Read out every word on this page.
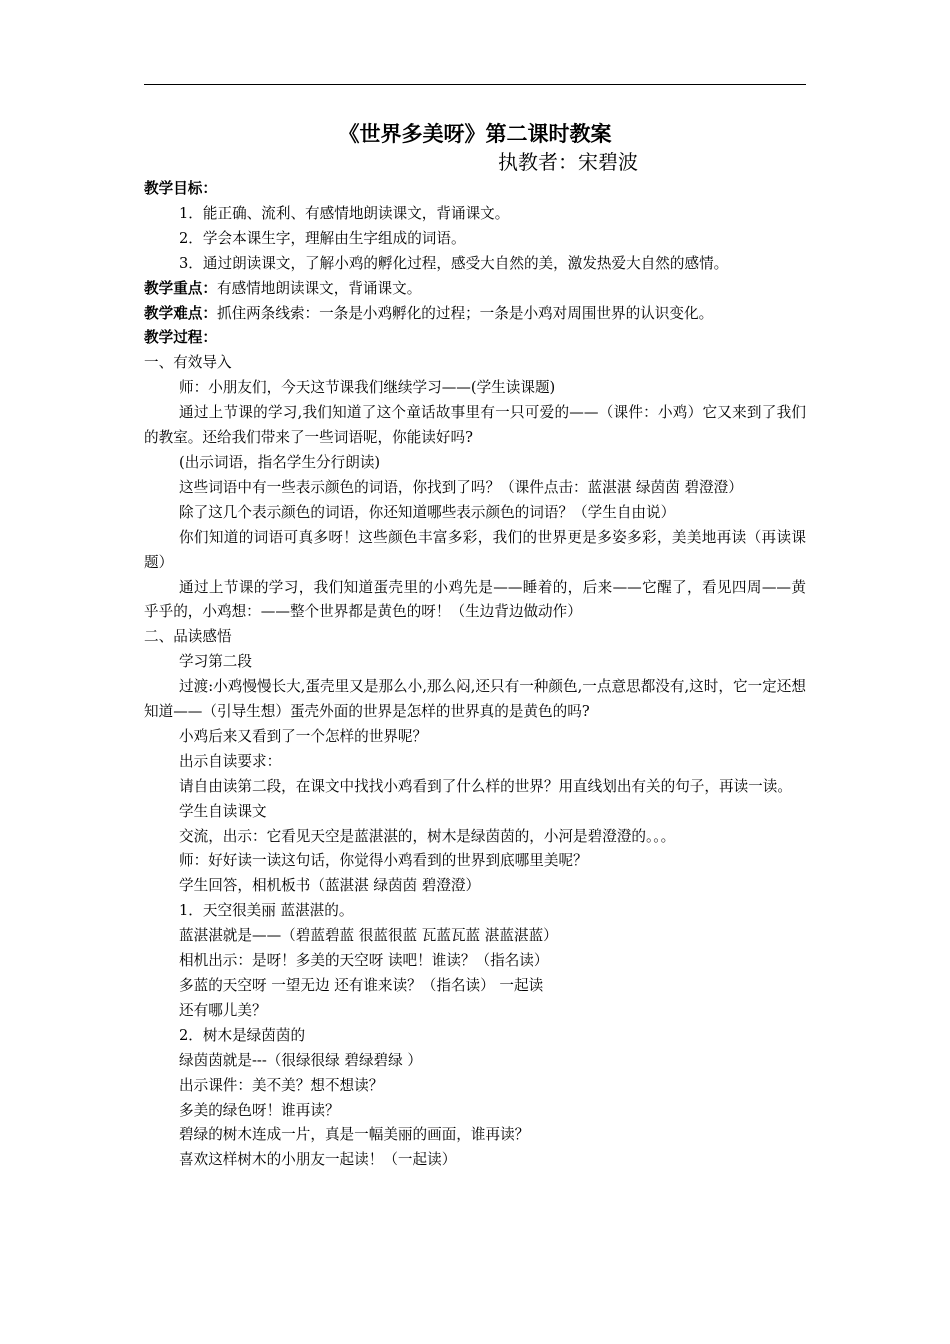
《世界多美呀》第二课时教案
执教者：宋碧波

教学目标：

1．能正确、流利、有感情地朗读课文，背诵课文。

2．学会本课生字，理解由生字组成的词语。

3．通过朗读课文，了解小鸡的孵化过程，感受大自然的美，激发热爱大自然的感情。

教学重点：有感情地朗读课文，背诵课文。

教学难点：抓住两条线索：一条是小鸡孵化的过程；一条是小鸡对周围世界的认识变化。

教学过程：

一、有效导入

师：小朋友们，今天这节课我们继续学习——(学生读课题)

通过上节课的学习,我们知道了这个童话故事里有一只可爱的——（课件：小鸡）它又来到了我们的教室。还给我们带来了一些词语呢，你能读好吗?

(出示词语，指名学生分行朗读)

这些词语中有一些表示颜色的词语，你找到了吗？（课件点击：蓝湛湛 绿茵茵 碧澄澄）

除了这几个表示颜色的词语，你还知道哪些表示颜色的词语？（学生自由说）

你们知道的词语可真多呀！这些颜色丰富多彩，我们的世界更是多姿多彩，美美地再读（再读课题）

通过上节课的学习，我们知道蛋壳里的小鸡先是——睡着的，后来——它醒了，看见四周——黄乎乎的，小鸡想：——整个世界都是黄色的呀！（生边背边做动作）

二、品读感悟

学习第二段

过渡:小鸡慢慢长大,蛋壳里又是那么小,那么闷,还只有一种颜色,一点意思都没有,这时，它一定还想知道——（引导生想）蛋壳外面的世界是怎样的世界真的是黄色的吗?

小鸡后来又看到了一个怎样的世界呢？

出示自读要求：

请自由读第二段，在课文中找找小鸡看到了什么样的世界？用直线划出有关的句子，再读一读。

学生自读课文

交流，出示：它看见天空是蓝湛湛的，树木是绿茵茵的，小河是碧澄澄的。。。

师：好好读一读这句话，你觉得小鸡看到的世界到底哪里美呢？

学生回答，相机板书（蓝湛湛 绿茵茵 碧澄澄）

1．天空很美丽 蓝湛湛的。

蓝湛湛就是——（碧蓝碧蓝 很蓝很蓝 瓦蓝瓦蓝 湛蓝湛蓝）

相机出示：是呀！多美的天空呀 读吧！谁读？（指名读）

多蓝的天空呀 一望无边 还有谁来读？（指名读） 一起读

还有哪儿美？

2．树木是绿茵茵的

绿茵茵就是---（很绿很绿 碧绿碧绿 ）

出示课件：美不美？想不想读？

多美的绿色呀！谁再读？

碧绿的树木连成一片，真是一幅美丽的画面，谁再读？

喜欢这样树木的小朋友一起读！（一起读）
